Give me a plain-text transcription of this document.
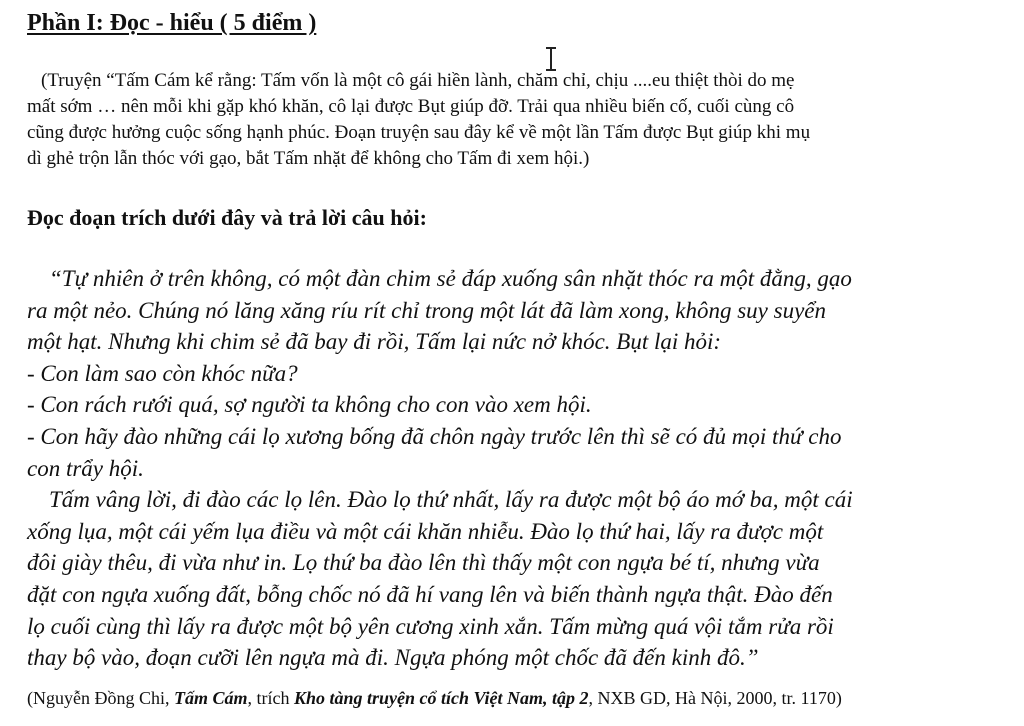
Phần I: Đọc - hiểu ( 5 điểm )
(Truyện “Tấm Cám kể rằng: Tấm vốn là một cô gái hiền lành, chăm chỉ, chịu ....eu thiệt thòi do mẹ
mất sớm … nên mỗi khi gặp khó khăn, cô lại được Bụt giúp đỡ. Trải qua nhiều biến cố, cuối cùng cô
cũng được hưởng cuộc sống hạnh phúc. Đoạn truyện sau đây kể về một lần Tấm được Bụt giúp khi mụ
dì ghẻ trộn lẫn thóc với gạo, bắt Tấm nhặt để không cho Tấm đi xem hội.)
Đọc đoạn trích dưới đây và trả lời câu hỏi:
“Tự nhiên ở trên không, có một đàn chim sẻ đáp xuống sân nhặt thóc ra một đằng, gạo
ra một nẻo. Chúng nó lăng xăng ríu rít chỉ trong một lát đã làm xong, không suy suyển
một hạt. Nhưng khi chim sẻ đã bay đi rồi, Tấm lại nức nở khóc. Bụt lại hỏi:
- Con làm sao còn khóc nữa?
- Con rách rưới quá, sợ người ta không cho con vào xem hội.
- Con hãy đào những cái lọ xương bống đã chôn ngày trước lên thì sẽ có đủ mọi thứ cho
con trẩy hội.
Tấm vâng lời, đi đào các lọ lên. Đào lọ thứ nhất, lấy ra được một bộ áo mớ ba, một cái
xống lụa, một cái yếm lụa điều và một cái khăn nhiễu. Đào lọ thứ hai, lấy ra được một
đôi giày thêu, đi vừa như in. Lọ thứ ba đào lên thì thấy một con ngựa bé tí, nhưng vừa
đặt con ngựa xuống đất, bỗng chốc nó đã hí vang lên và biến thành ngựa thật. Đào đến
lọ cuối cùng thì lấy ra được một bộ yên cương xinh xắn. Tấm mừng quá vội tắm rửa rồi
thay bộ vào, đoạn cưỡi lên ngựa mà đi. Ngựa phóng một chốc đã đến kinh đô.”
(Nguyễn Đồng Chi, Tấm Cám, trích Kho tàng truyện cổ tích Việt Nam, tập 2, NXB GD, Hà Nội, 2000, tr. 1170)
